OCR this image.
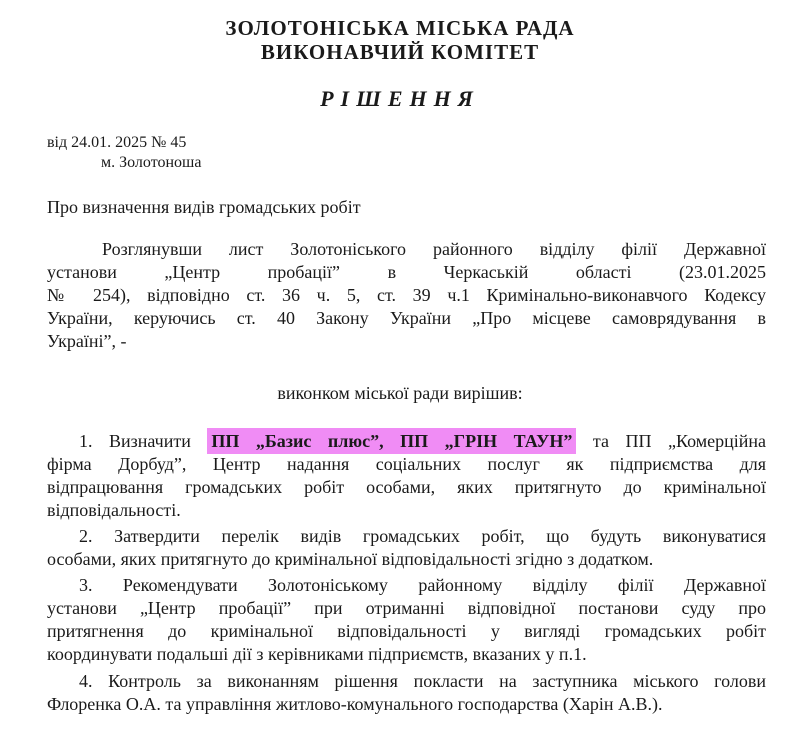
ЗОЛОТОНІСЬКА МІСЬКА РАДА
ВИКОНАВЧИЙ КОМІТЕТ
РІШЕННЯ
від 24.01. 2025 № 45
м. Золотоноша
Про визначення видів громадських робіт
Розглянувши лист Золотоніського районного відділу філії Державної
установи „Центр пробації” в Черкаській області (23.01.2025
№ 254), відповідно ст. 36 ч. 5, ст. 39 ч.1 Кримінально-виконавчого Кодексу
України, керуючись ст. 40 Закону України „Про місцеве самоврядування в
Україні”, -
виконком міської ради вирішив:
1. Визначити ПП „Базис плюс”, ПП „ГРІН ТАУН” та ПП „Комерційна
фірма Дорбуд”, Центр надання соціальних послуг як підприємства для
відпрацювання громадських робіт особами, яких притягнуто до кримінальної
відповідальності.
2. Затвердити перелік видів громадських робіт, що будуть виконуватися
особами, яких притягнуто до кримінальної відповідальності згідно з додатком.
3. Рекомендувати Золотоніському районному відділу філії Державної
установи „Центр пробації” при отриманні відповідної постанови суду про
притягнення до кримінальної відповідальності у вигляді громадських робіт
координувати подальші дії з керівниками підприємств, вказаних у п.1.
4. Контроль за виконанням рішення покласти на заступника міського голови
Флоренка О.А. та управління житлово-комунального господарства (Харін А.В.).
